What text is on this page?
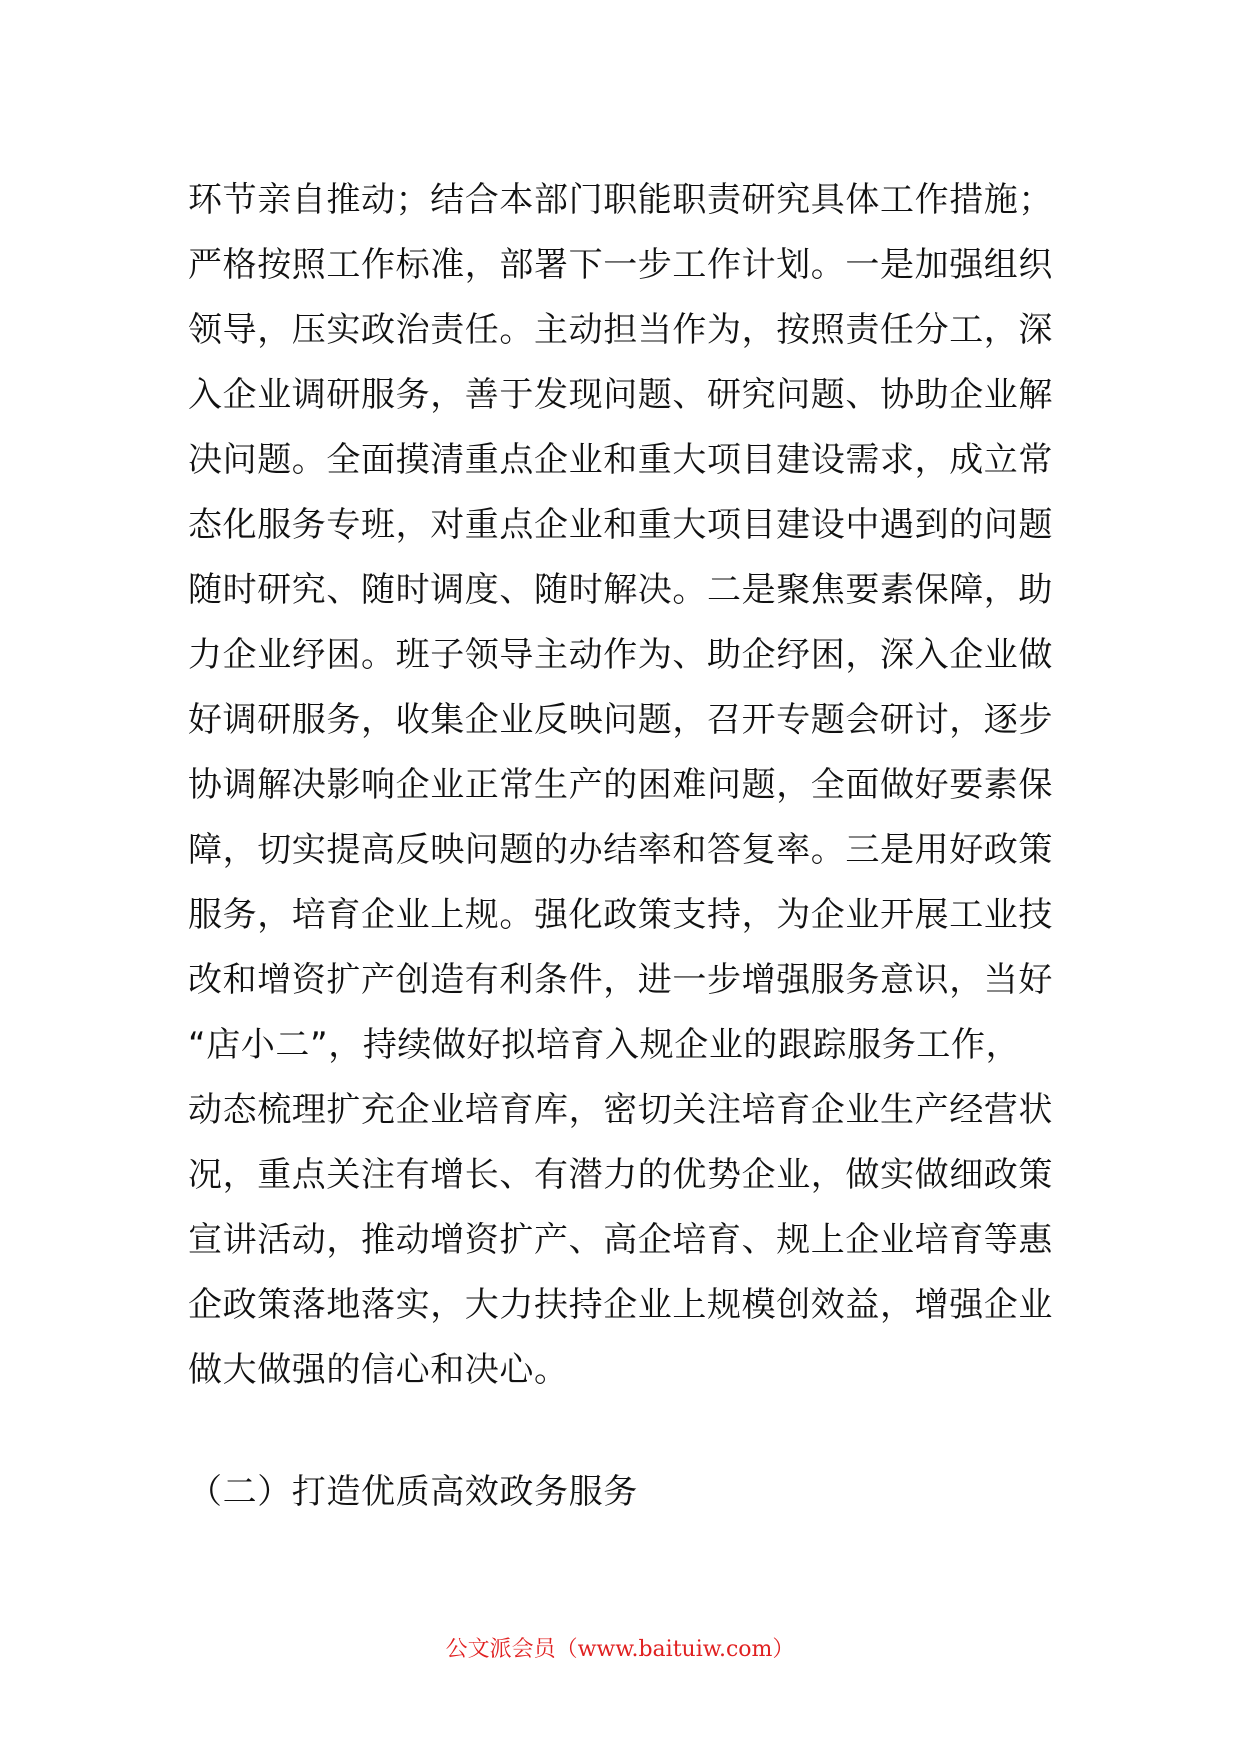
环节亲自推动；结合本部门职能职责研究具体工作措施；
严格按照工作标准，部署下一步工作计划。一是加强组织
领导，压实政治责任。主动担当作为，按照责任分工，深
入企业调研服务，善于发现问题、研究问题、协助企业解
决问题。全面摸清重点企业和重大项目建设需求，成立常
态化服务专班，对重点企业和重大项目建设中遇到的问题
随时研究、随时调度、随时解决。二是聚焦要素保障，助
力企业纾困。班子领导主动作为、助企纾困，深入企业做
好调研服务，收集企业反映问题，召开专题会研讨，逐步
协调解决影响企业正常生产的困难问题，全面做好要素保
障，切实提高反映问题的办结率和答复率。三是用好政策
服务，培育企业上规。强化政策支持，为企业开展工业技
改和增资扩产创造有利条件，进一步增强服务意识，当好
“店小二”，持续做好拟培育入规企业的跟踪服务工作，
动态梳理扩充企业培育库，密切关注培育企业生产经营状
况，重点关注有增长、有潜力的优势企业，做实做细政策
宣讲活动，推动增资扩产、高企培育、规上企业培育等惠
企政策落地落实，大力扶持企业上规模创效益，增强企业
做大做强的信心和决心。
（二）打造优质高效政务服务
公文派会员（www.baituiw.com）
